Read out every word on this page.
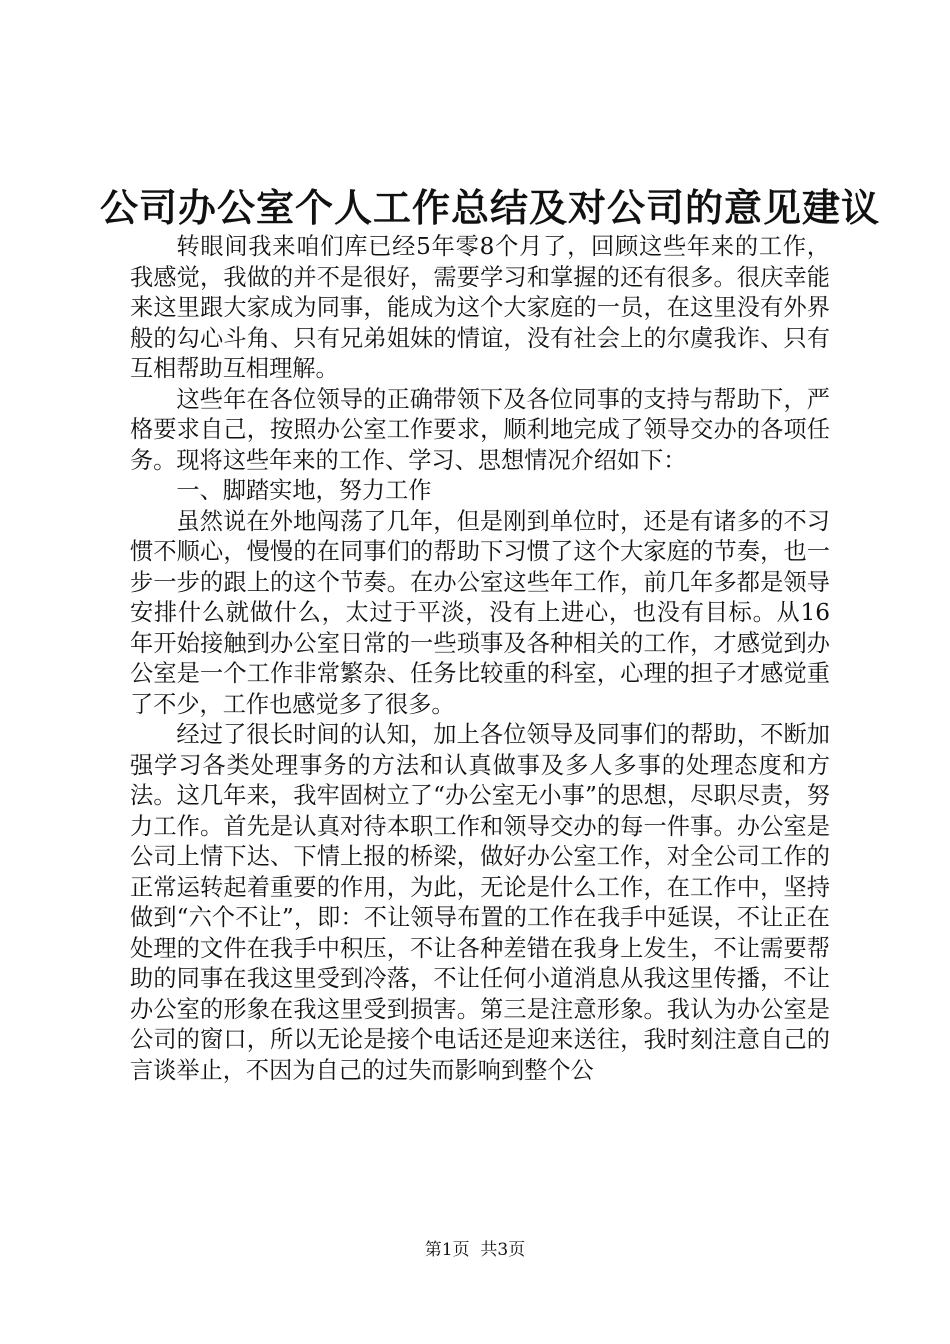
公司办公室个人工作总结及对公司的意见建议

转眼间我来咱们库已经5年零8个月了，回顾这些年来的工作，我感觉，我做的并不是很好，需要学习和掌握的还有很多。很庆幸能来这里跟大家成为同事，能成为这个大家庭的一员，在这里没有外界般的勾心斗角、只有兄弟姐妹的情谊，没有社会上的尔虞我诈、只有互相帮助互相理解。

这些年在各位领导的正确带领下及各位同事的支持与帮助下，严格要求自己，按照办公室工作要求，顺利地完成了领导交办的各项任务。现将这些年来的工作、学习、思想情况介绍如下：

一、脚踏实地，努力工作

虽然说在外地闯荡了几年，但是刚到单位时，还是有诸多的不习惯不顺心，慢慢的在同事们的帮助下习惯了这个大家庭的节奏，也一步一步的跟上的这个节奏。在办公室这些年工作，前几年多都是领导安排什么就做什么，太过于平淡，没有上进心，也没有目标。从16年开始接触到办公室日常的一些琐事及各种相关的工作，才感觉到办公室是一个工作非常繁杂、任务比较重的科室，心理的担子才感觉重了不少，工作也感觉多了很多。

经过了很长时间的认知，加上各位领导及同事们的帮助，不断加强学习各类处理事务的方法和认真做事及多人多事的处理态度和方法。这几年来，我牢固树立了“办公室无小事”的思想，尽职尽责，努力工作。首先是认真对待本职工作和领导交办的每一件事。办公室是公司上情下达、下情上报的桥梁，做好办公室工作，对全公司工作的正常运转起着重要的作用，为此，无论是什么工作，在工作中，坚持做到“六个不让”，即：不让领导布置的工作在我手中延误，不让正在处理的文件在我手中积压，不让各种差错在我身上发生，不让需要帮助的同事在我这里受到冷落，不让任何小道消息从我这里传播，不让办公室的形象在我这里受到损害。第三是注意形象。我认为办公室是公司的窗口，所以无论是接个电话还是迎来送往，我时刻注意自己的言谈举止，不因为自己的过失而影响到整个公

第1页  共3页
